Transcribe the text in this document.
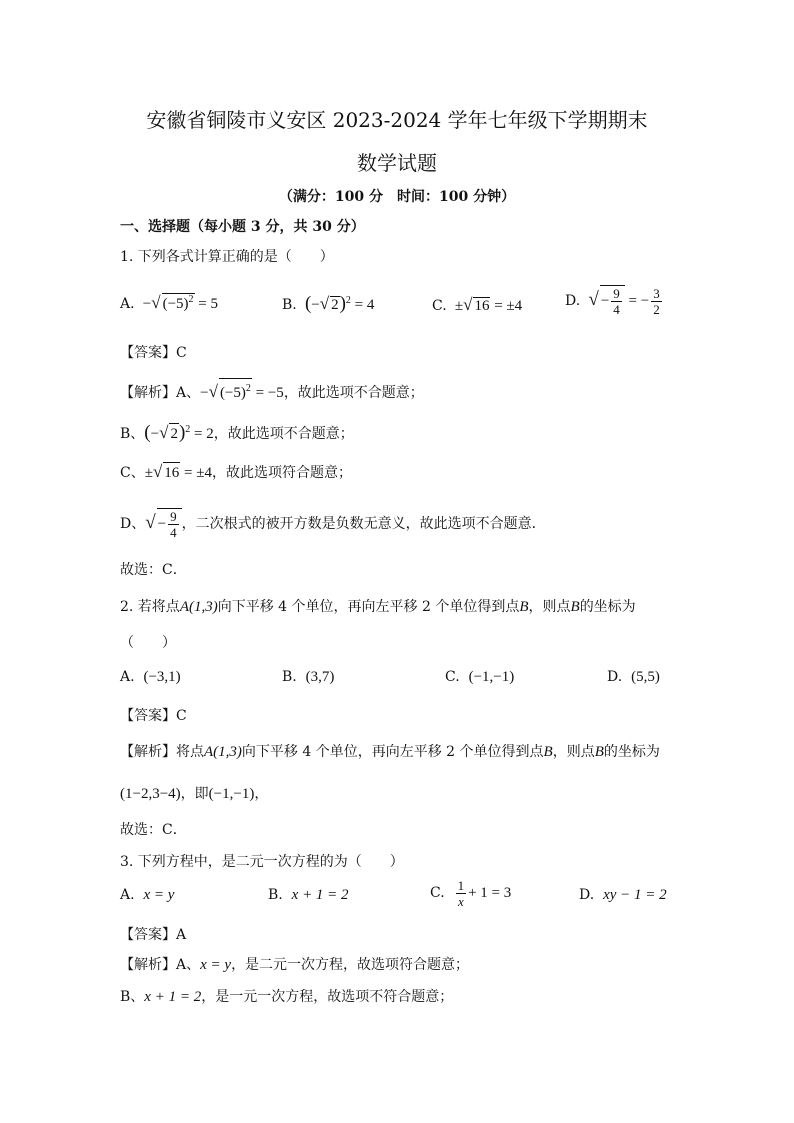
安徽省铜陵市义安区 2023-2024 学年七年级下学期期末
数学试题
（满分：100 分　时间：100 分钟）
一、选择题（每小题 3 分，共 30 分）
1. 下列各式计算正确的是（　　）
A.  −√ $(-5)^2 = 5$	B. (−√ 2)$^2$ = 4	C.  ±√ 16 = ±4	D. √ − $\frac{9}{4}$ = − $\frac{3}{2}$
【答案】C
【解析】A、−√ $(-5)^2 = -5$，故此选项不合题意；
B、(−√ 2)$^2$ = 2，故此选项不合题意；
C、±√ 16 = ±4，故此选项符合题意；
D、√ − $\frac{9}{4}$ ，二次根式的被开方数是负数无意义，故此选项不合题意．
故选：C．
2. 若将点A(1,3)向下平移 4 个单位，再向左平移 2 个单位得到点B，则点B的坐标为
（　　）
A. (−3,1)	B. (3,7)	C. (−1,−1)	D. (5,5)
【答案】C
【解析】将点A(1,3)向下平移 4 个单位，再向左平移 2 个单位得到点B，则点B的坐标为
(1−2,3−4)，即(−1,−1)，
故选：C．
3. 下列方程中，是二元一次方程的为（　　）
A. x = y	B. x + 1 = 2	C. $\frac{1}{x} + 1 = 3$	D. xy − 1 = 2
【答案】A
【解析】A、x = y，是二元一次方程，故选项符合题意；
B、x + 1 = 2，是一元一次方程，故选项不符合题意；
